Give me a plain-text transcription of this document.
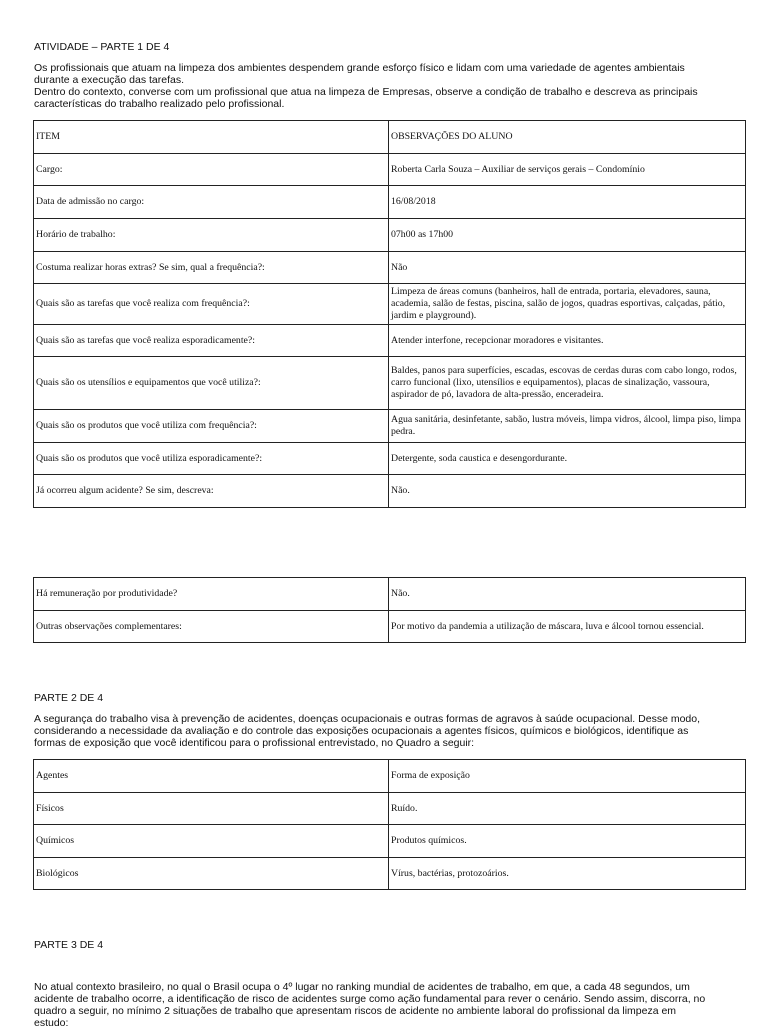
ATIVIDADE – PARTE 1 DE 4
Os profissionais que atuam na limpeza dos ambientes despendem grande esforço físico e lidam com uma variedade de agentes ambientais
durante a execução das tarefas.
Dentro do contexto, converse com um profissional que atua na limpeza de Empresas, observe a condição de trabalho e descreva as principais
características do trabalho realizado pelo profissional.
ITEM	OBSERVAÇÕES DO ALUNO
Cargo:	Roberta Carla Souza – Auxiliar de serviços gerais – Condomínio
Data de admissão no cargo:	16/08/2018
Horário de trabalho:	07h00 as 17h00
Costuma realizar horas extras? Se sim, qual a frequência?:	Não
Quais são as tarefas que você realiza com frequência?:	Limpeza de áreas comuns (banheiros, hall de entrada, portaria, elevadores, sauna, academia, salão de festas, piscina, salão de jogos, quadras esportivas, calçadas, pátio, jardim e playground).
Quais são as tarefas que você realiza esporadicamente?:	Atender interfone, recepcionar moradores e visitantes.
Quais são os utensílios e equipamentos que você utiliza?:	Baldes, panos para superfícies, escadas, escovas de cerdas duras com cabo longo, rodos, carro funcional (lixo, utensílios e equipamentos), placas de sinalização, vassoura, aspirador de pó, lavadora de alta-pressão, enceradeira.
Quais são os produtos que você utiliza com frequência?:	Agua sanitária, desinfetante, sabão, lustra móveis, limpa vidros, álcool, limpa piso, limpa pedra.
Quais são os produtos que você utiliza esporadicamente?:	Detergente, soda caustica e desengordurante.
Já ocorreu algum acidente? Se sim, descreva:	Não.
Há remuneração por produtividade?	Não.
Outras observações complementares:	Por motivo da pandemia a utilização de máscara, luva e álcool tornou essencial.
PARTE 2 DE 4
A segurança do trabalho visa à prevenção de acidentes, doenças ocupacionais e outras formas de agravos à saúde ocupacional. Desse modo,
considerando a necessidade da avaliação e do controle das exposições ocupacionais a agentes físicos, químicos e biológicos, identifique as
formas de exposição que você identificou para o profissional entrevistado, no Quadro a seguir:
Agentes	Forma de exposição
Físicos	Ruído.
Químicos	Produtos químicos.
Biológicos	Vírus, bactérias, protozoários.
PARTE 3 DE 4
No atual contexto brasileiro, no qual o Brasil ocupa o 4º lugar no ranking mundial de acidentes de trabalho, em que, a cada 48 segundos, um
acidente de trabalho ocorre, a identificação de risco de acidentes surge como ação fundamental para rever o cenário. Sendo assim, discorra, no
quadro a seguir, no mínimo 2 situações de trabalho que apresentam riscos de acidente no ambiente laboral do profissional da limpeza em
estudo:
